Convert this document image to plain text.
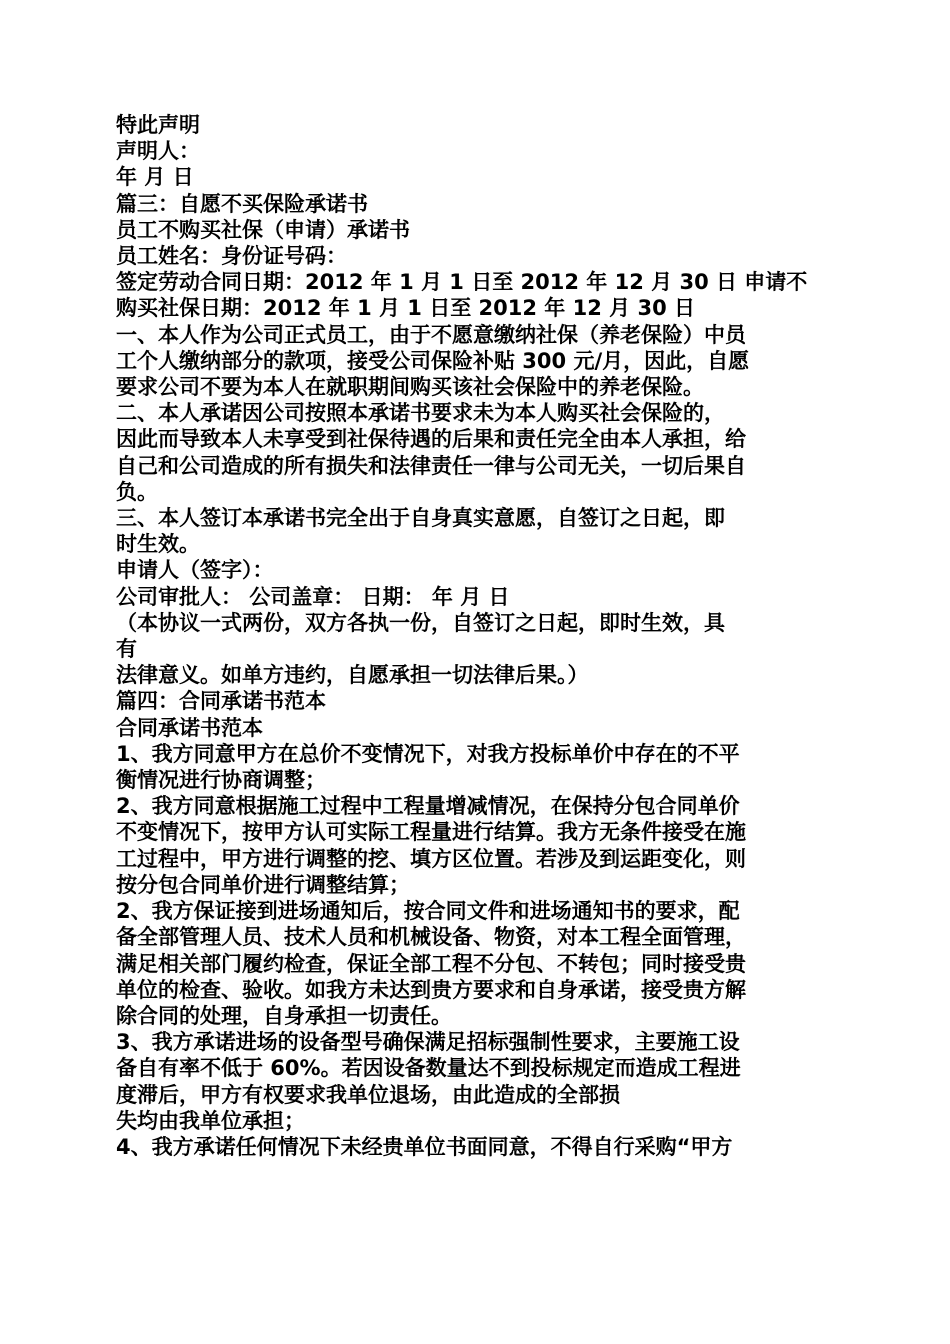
特此声明

声明人：

年 月 日

篇三：自愿不买保险承诺书

员工不购买社保（申请）承诺书

员工姓名：身份证号码：

签定劳动合同日期：2012 年 1 月 1 日至 2012 年 12 月 30 日 申请不

购买社保日期：2012 年 1 月 1 日至 2012 年 12 月 30 日

一、本人作为公司正式员工，由于不愿意缴纳社保（养老保险）中员

工个人缴纳部分的款项，接受公司保险补贴 300 元/月，因此，自愿

要求公司不要为本人在就职期间购买该社会保险中的养老保险。

二、本人承诺因公司按照本承诺书要求未为本人购买社会保险的，

因此而导致本人未享受到社保待遇的后果和责任完全由本人承担，给

自己和公司造成的所有损失和法律责任一律与公司无关，一切后果自

负。

三、本人签订本承诺书完全出于自身真实意愿，自签订之日起，即

时生效。

申请人（签字）：

公司审批人： 公司盖章： 日期： 年 月 日

（本协议一式两份，双方各执一份，自签订之日起，即时生效，具

有

法律意义。如单方违约，自愿承担一切法律后果。）

篇四：合同承诺书范本

合同承诺书范本

1、我方同意甲方在总价不变情况下，对我方投标单价中存在的不平

衡情况进行协商调整；

2、我方同意根据施工过程中工程量增减情况，在保持分包合同单价

不变情况下，按甲方认可实际工程量进行结算。我方无条件接受在施

工过程中，甲方进行调整的挖、填方区位置。若涉及到运距变化，则

按分包合同单价进行调整结算；

2、我方保证接到进场通知后，按合同文件和进场通知书的要求，配

备全部管理人员、技术人员和机械设备、物资，对本工程全面管理，

满足相关部门履约检查，保证全部工程不分包、不转包；同时接受贵

单位的检查、验收。如我方未达到贵方要求和自身承诺，接受贵方解

除合同的处理，自身承担一切责任。

3、我方承诺进场的设备型号确保满足招标强制性要求，主要施工设

备自有率不低于 60%。若因设备数量达不到投标规定而造成工程进

度滞后，甲方有权要求我单位退场，由此造成的全部损

失均由我单位承担；

4、我方承诺任何情况下未经贵单位书面同意，不得自行采购“甲方
